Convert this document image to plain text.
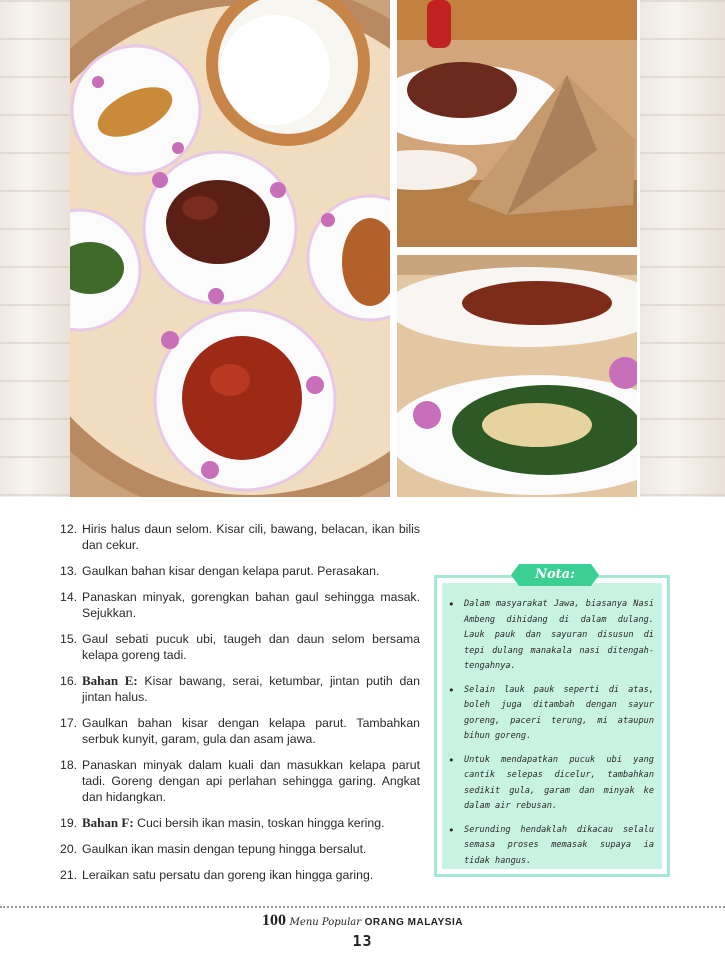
12. Hiris halus daun selom. Kisar cili, bawang, belacan, ikan bilis dan cekur.
13. Gaulkan bahan kisar dengan kelapa parut. Perasakan.
14. Panaskan minyak, gorengkan bahan gaul sehingga masak. Sejukkan.
15. Gaul sebati pucuk ubi, taugeh dan daun selom bersama kelapa goreng tadi.
16. Bahan E: Kisar bawang, serai, ketumbar, jintan putih dan jintan halus.
17. Gaulkan bahan kisar dengan kelapa parut. Tambahkan serbuk kunyit, garam, gula dan asam jawa.
18. Panaskan minyak dalam kuali dan masukkan kelapa parut tadi. Goreng dengan api perlahan sehingga garing. Angkat dan hidangkan.
19. Bahan F: Cuci bersih ikan masin, toskan hingga kering.
20. Gaulkan ikan masin dengan tepung hingga bersalut.
21. Leraikan satu persatu dan goreng ikan hingga garing.
•	Dalam masyarakat Jawa, biasanya Nasi Ambeng dihidang di dalam dulang. Lauk pauk dan sayuran disusun di tepi dulang manakala nasi ditengah-tengahnya.
•	Selain lauk pauk seperti di atas, boleh juga ditambah dengan sayur goreng, paceri terung, mi ataupun bihun goreng.
•	Untuk mendapatkan pucuk ubi yang cantik selepas dicelur, tambahkan sedikit gula, garam dan minyak ke dalam air rebusan.
•	Serunding hendaklah dikacau selalu semasa proses memasak supaya ia tidak hangus.
Nota:
100 Menu Popular ORANG MALAYSIA
13
